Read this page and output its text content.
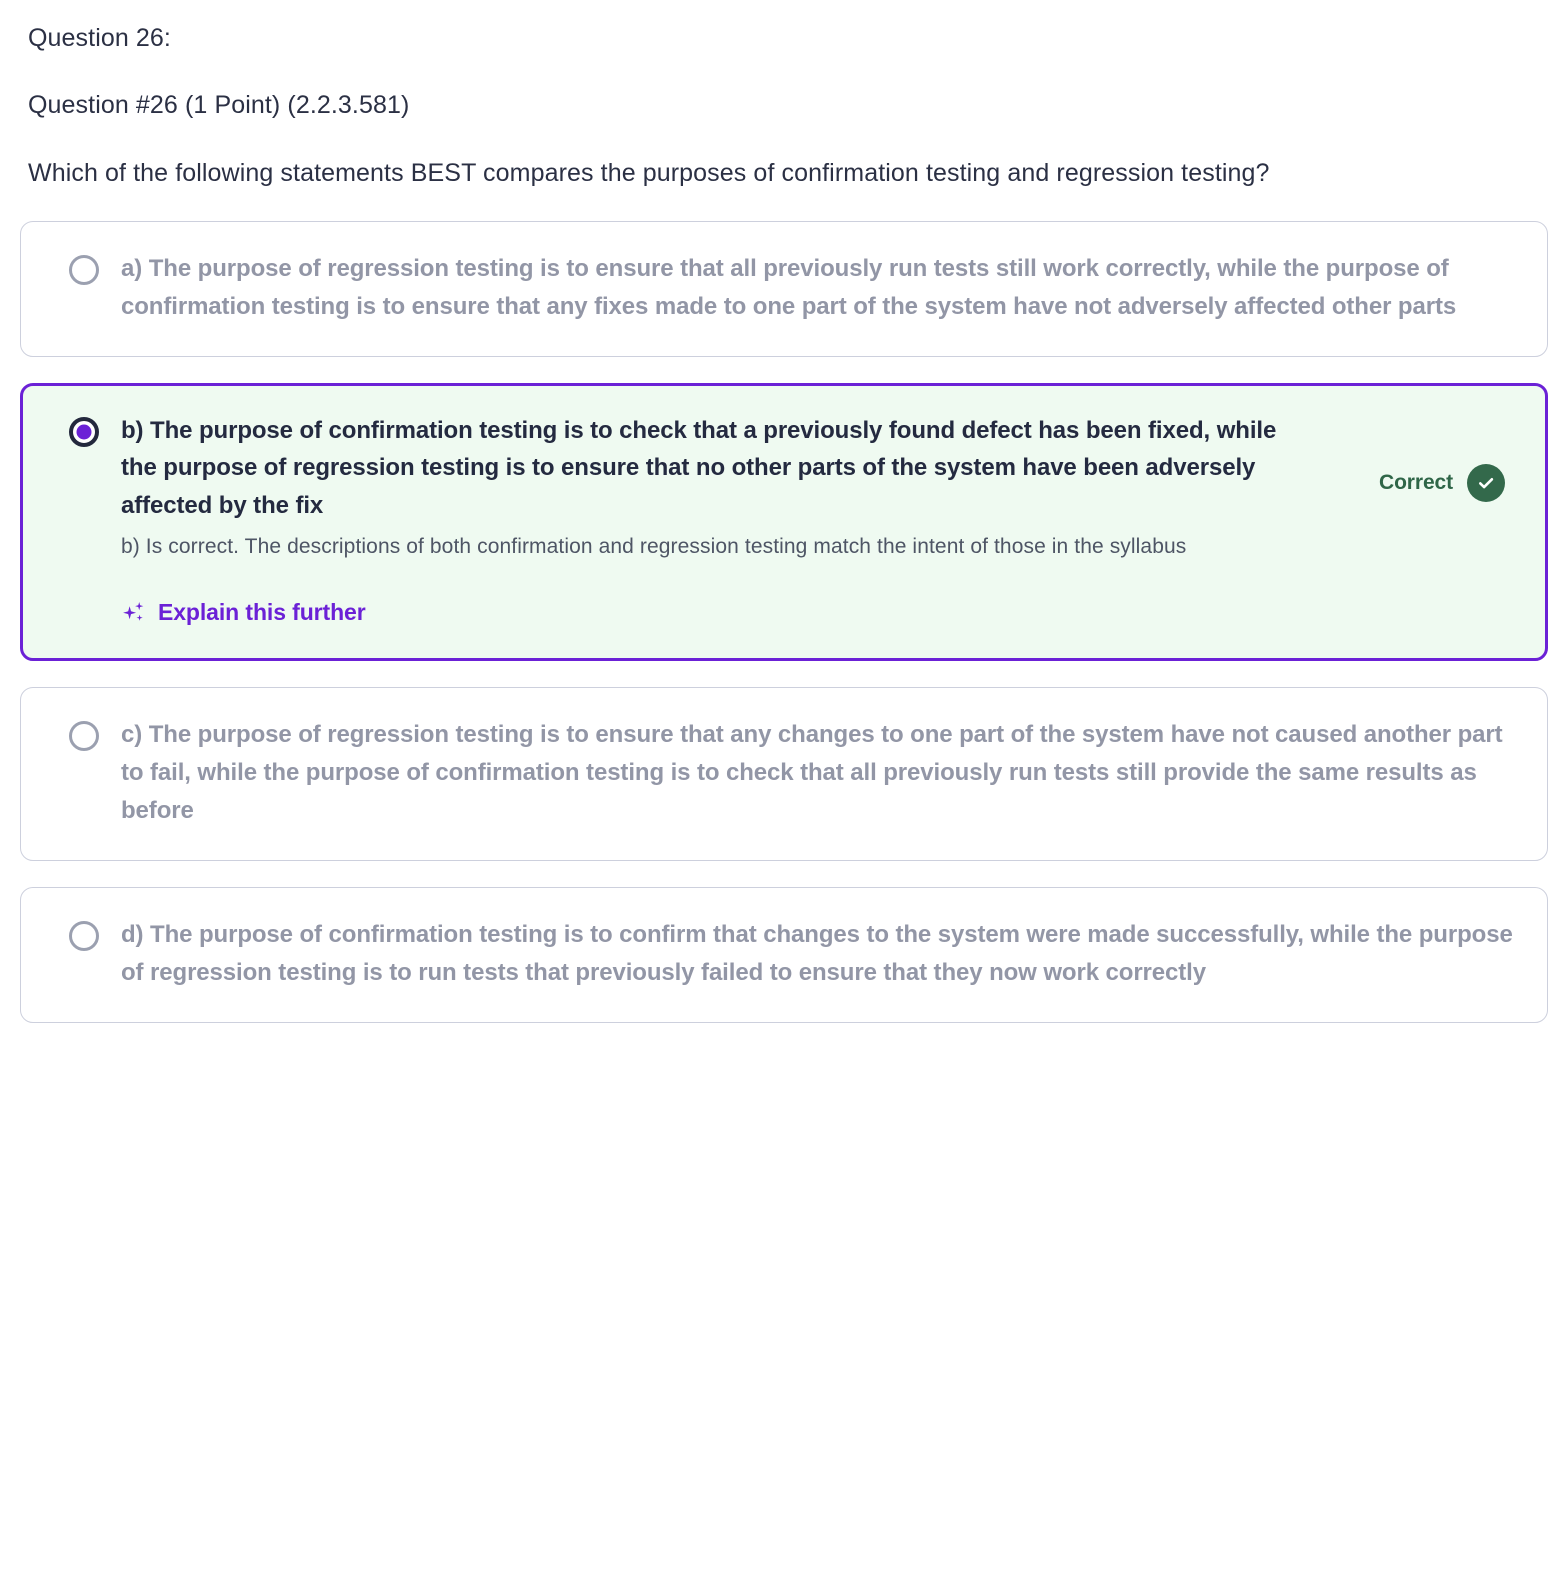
Question 26:
Question #26 (1 Point) (2.2.3.581)
Which of the following statements BEST compares the purposes of confirmation testing and regression testing?

a) The purpose of regression testing is to ensure that all previously run tests still work correctly, while the purpose of confirmation testing is to ensure that any fixes made to one part of the system have not adversely affected other parts

b) The purpose of confirmation testing is to check that a previously found defect has been fixed, while the purpose of regression testing is to ensure that no other parts of the system have been adversely affected by the fix

b) Is correct. The descriptions of both confirmation and regression testing match the intent of those in the syllabus

Explain this further
Correct

c) The purpose of regression testing is to ensure that any changes to one part of the system have not caused another part to fail, while the purpose of confirmation testing is to check that all previously run tests still provide the same results as before

d) The purpose of confirmation testing is to confirm that changes to the system were made successfully, while the purpose of regression testing is to run tests that previously failed to ensure that they now work correctly
